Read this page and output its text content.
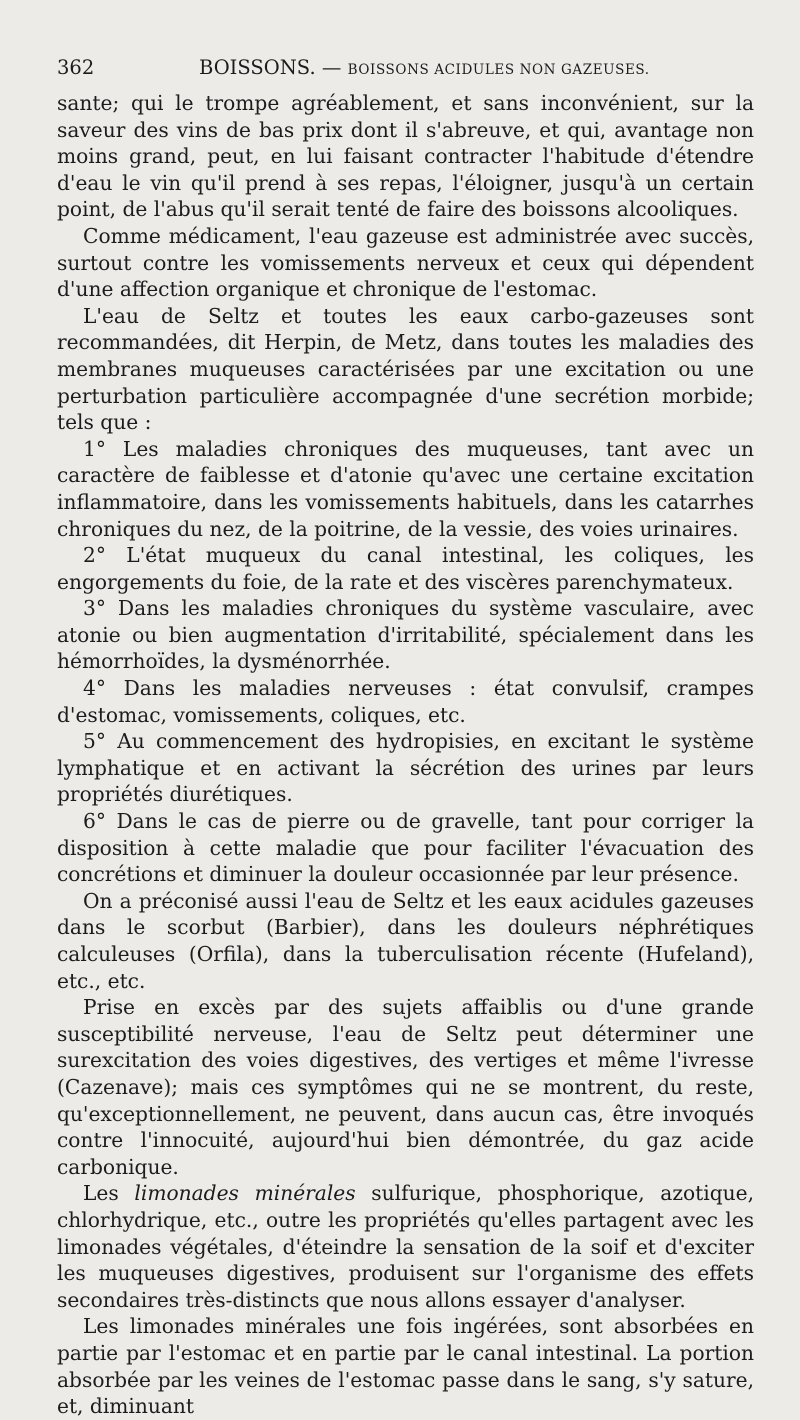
362	BOISSONS. — BOISSONS ACIDULES NON GAZEUSES.

sante; qui le trompe agréablement, et sans inconvénient, sur la saveur des vins de bas prix dont il s'abreuve, et qui, avantage non moins grand, peut, en lui faisant contracter l'habitude d'étendre d'eau le vin qu'il prend à ses repas, l'éloigner, jusqu'à un certain point, de l'abus qu'il serait tenté de faire des boissons alcooliques.

Comme médicament, l'eau gazeuse est administrée avec succès, surtout contre les vomissements nerveux et ceux qui dépendent d'une affection organique et chronique de l'estomac.

L'eau de Seltz et toutes les eaux carbo-gazeuses sont recommandées, dit Herpin, de Metz, dans toutes les maladies des membranes muqueuses caractérisées par une excitation ou une perturbation particulière accompagnée d'une secrétion morbide; tels que :

1° Les maladies chroniques des muqueuses, tant avec un caractère de faiblesse et d'atonie qu'avec une certaine excitation inflammatoire, dans les vomissements habituels, dans les catarrhes chroniques du nez, de la poitrine, de la vessie, des voies urinaires.

2° L'état muqueux du canal intestinal, les coliques, les engorgements du foie, de la rate et des viscères parenchymateux.

3° Dans les maladies chroniques du système vasculaire, avec atonie ou bien augmentation d'irritabilité, spécialement dans les hémorrhoïdes, la dysménorrhée.

4° Dans les maladies nerveuses : état convulsif, crampes d'estomac, vomissements, coliques, etc.

5° Au commencement des hydropisies, en excitant le système lymphatique et en activant la sécrétion des urines par leurs propriétés diurétiques.

6° Dans le cas de pierre ou de gravelle, tant pour corriger la disposition à cette maladie que pour faciliter l'évacuation des concrétions et diminuer la douleur occasionnée par leur présence.

On a préconisé aussi l'eau de Seltz et les eaux acidules gazeuses dans le scorbut (Barbier), dans les douleurs néphrétiques calculeuses (Orfila), dans la tuberculisation récente (Hufeland), etc., etc.

Prise en excès par des sujets affaiblis ou d'une grande susceptibilité nerveuse, l'eau de Seltz peut déterminer une surexcitation des voies digestives, des vertiges et même l'ivresse (Cazenave); mais ces symptômes qui ne se montrent, du reste, qu'exceptionnellement, ne peuvent, dans aucun cas, être invoqués contre l'innocuité, aujourd'hui bien démontrée, du gaz acide carbonique.

Les limonades minérales sulfurique, phosphorique, azotique, chlorhydrique, etc., outre les propriétés qu'elles partagent avec les limonades végétales, d'éteindre la sensation de la soif et d'exciter les muqueuses digestives, produisent sur l'organisme des effets secondaires très-distincts que nous allons essayer d'analyser.

Les limonades minérales une fois ingérées, sont absorbées en partie par l'estomac et en partie par le canal intestinal. La portion absorbée par les veines de l'estomac passe dans le sang, s'y sature, et, diminuant
